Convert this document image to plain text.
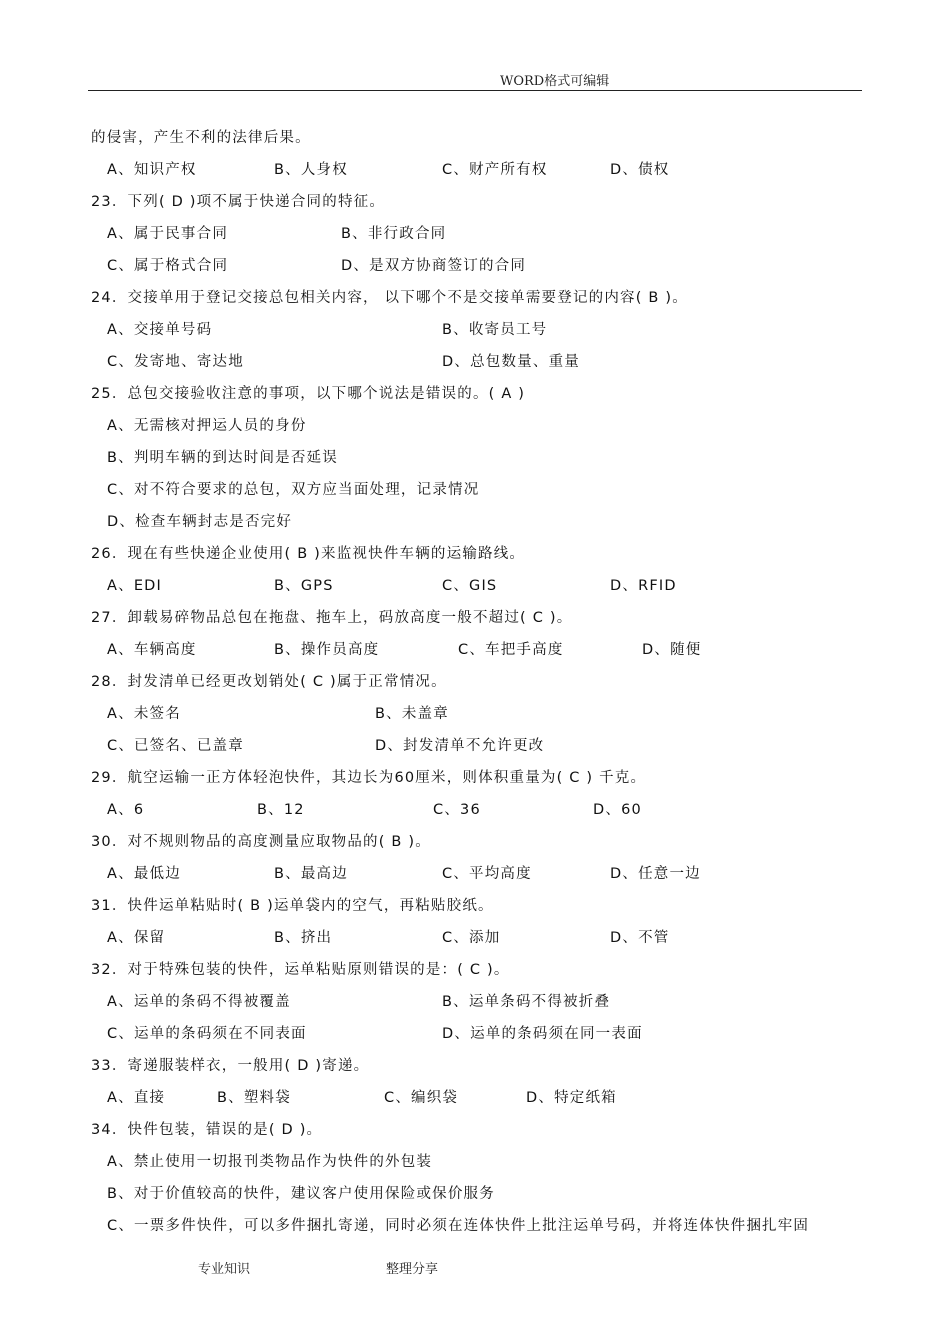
WORD格式可编辑
的侵害，产生不利的法律后果。
A、知识产权	B、人身权	C、财产所有权	D、债权
23．下列( D )项不属于快递合同的特征。
A、属于民事合同	B、非行政合同
C、属于格式合同	D、是双方协商签订的合同
24．交接单用于登记交接总包相关内容， 以下哪个不是交接单需要登记的内容( B )。
A、交接单号码	B、收寄员工号
C、发寄地、寄达地	D、总包数量、重量
25．总包交接验收注意的事项，以下哪个说法是错误的。( A )
A、无需核对押运人员的身份
B、判明车辆的到达时间是否延误
C、对不符合要求的总包，双方应当面处理，记录情况
D、检查车辆封志是否完好
26．现在有些快递企业使用( B )来监视快件车辆的运输路线。
A、EDI	B、GPS	C、GIS	D、RFID
27．卸载易碎物品总包在拖盘、拖车上，码放高度一般不超过( C )。
A、车辆高度	B、操作员高度	C、车把手高度	D、随便
28．封发清单已经更改划销处( C )属于正常情况。
A、未签名	B、未盖章
C、已签名、已盖章	D、封发清单不允许更改
29．航空运输一正方体轻泡快件，其边长为60厘米，则体积重量为( C ) 千克。
A、6	B、12	C、36	D、60
30．对不规则物品的高度测量应取物品的( B )。
A、最低边	B、最高边	C、平均高度	D、任意一边
31．快件运单粘贴时( B )运单袋内的空气，再粘贴胶纸。
A、保留	B、挤出	C、添加	D、不管
32．对于特殊包装的快件，运单粘贴原则错误的是：( C )。
A、运单的条码不得被覆盖	B、运单条码不得被折叠
C、运单的条码须在不同表面	D、运单的条码须在同一表面
33．寄递服装样衣，一般用( D )寄递。
A、直接	B、塑料袋	C、编织袋	D、特定纸箱
34．快件包装，错误的是( D )。
A、禁止使用一切报刊类物品作为快件的外包装
B、对于价值较高的快件，建议客户使用保险或保价服务
C、一票多件快件，可以多件捆扎寄递，同时必须在连体快件上批注运单号码，并将连体快件捆扎牢固
专业知识	整理分享
